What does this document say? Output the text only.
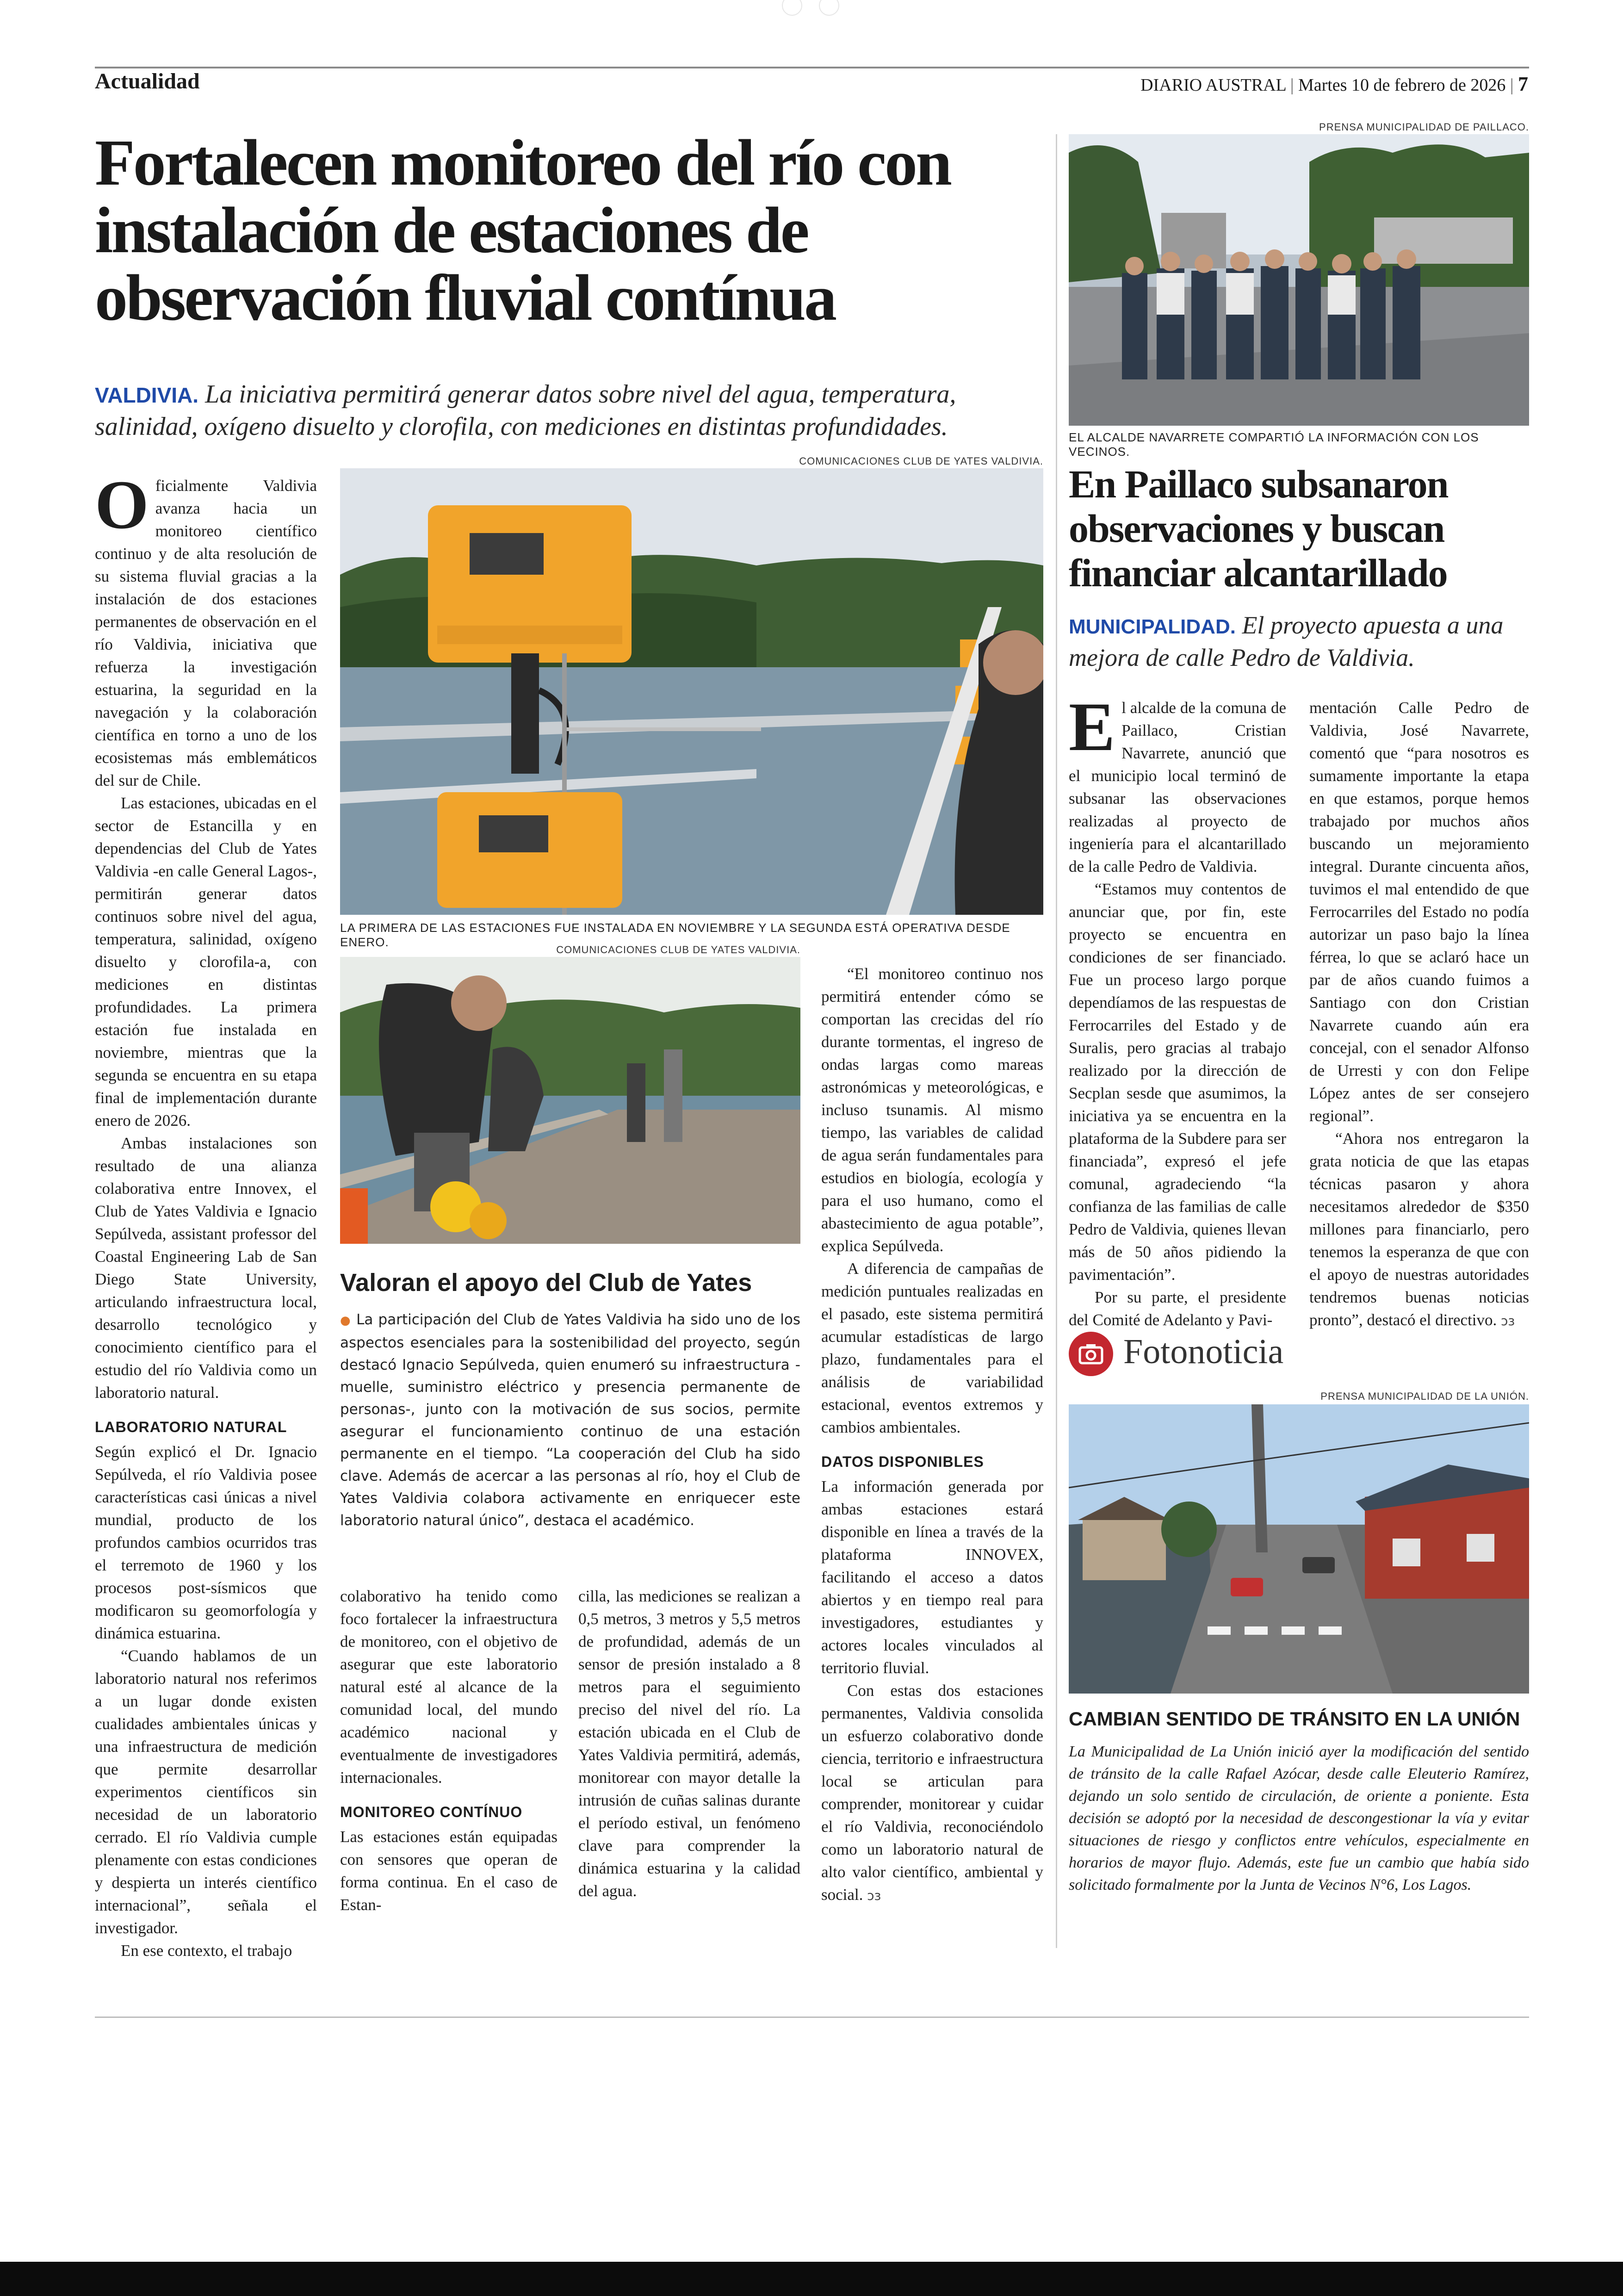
Actualidad	DIARIO AUSTRAL | Martes 10 de febrero de 2026 | 7
Fortalecen monitoreo del río con instalación de estaciones de observación fluvial contínua
VALDIVIA. La iniciativa permitirá generar datos sobre nivel del agua, temperatura, salinidad, oxígeno disuelto y clorofila, con mediciones en distintas profundidades.
COMUNICACIONES CLUB DE YATES VALDIVIA.
LA PRIMERA DE LAS ESTACIONES FUE INSTALADA EN NOVIEMBRE Y LA SEGUNDA ESTÁ OPERATIVA DESDE ENERO.
COMUNICACIONES CLUB DE YATES VALDIVIA.
Valoran el apoyo del Club de Yates
● La participación del Club de Yates Valdivia ha sido uno de los aspectos esenciales para la sostenibilidad del proyecto, según destacó Ignacio Sepúlveda, quien enumeró su infraestructura -muelle, suministro eléctrico y presencia permanente de personas-, junto con la motivación de sus socios, permite asegurar el funcionamiento continuo de una estación permanente en el tiempo. “La cooperación del Club ha sido clave. Además de acercar a las personas al río, hoy el Club de Yates Valdivia colabora activamente en enriquecer este laboratorio natural único”, destaca el académico.

Oficialmente Valdivia avanza hacia un monitoreo científico continuo y de alta resolución de su sistema fluvial gracias a la instalación de dos estaciones permanentes de observación en el río Valdivia, iniciativa que refuerza la investigación estuarina, la seguridad en la navegación y la colaboración científica en torno a uno de los ecosistemas más emblemáticos del sur de Chile.

Las estaciones, ubicadas en el sector de Estancilla y en dependencias del Club de Yates Valdivia -en calle General Lagos-, permitirán generar datos continuos sobre nivel del agua, temperatura, salinidad, oxígeno disuelto y clorofila-a, con mediciones en distintas profundidades. La primera estación fue instalada en noviembre, mientras que la segunda se encuentra en su etapa final de implementación durante enero de 2026.

Ambas instalaciones son resultado de una alianza colaborativa entre Innovex, el Club de Yates Valdivia e Ignacio Sepúlveda, assistant professor del Coastal Engineering Lab de San Diego State University, articulando infraestructura local, desarrollo tecnológico y conocimiento científico para el estudio del río Valdivia como un laboratorio natural.

LABORATORIO NATURAL

Según explicó el Dr. Ignacio Sepúlveda, el río Valdivia posee características casi únicas a nivel mundial, producto de los profundos cambios ocurridos tras el terremoto de 1960 y los procesos post-sísmicos que modificaron su geomorfología y dinámica estuarina.

“Cuando hablamos de un laboratorio natural nos referimos a un lugar donde existen cualidades ambientales únicas y una infraestructura de medición que permite desarrollar experimentos científicos sin necesidad de un laboratorio cerrado. El río Valdivia cumple plenamente con estas condiciones y despierta un interés científico internacional”, señala el investigador.

En ese contexto, el trabajo

colaborativo ha tenido como foco fortalecer la infraestructura de monitoreo, con el objetivo de asegurar que este laboratorio natural esté al alcance de la comunidad local, del mundo académico nacional y eventualmente de investigadores internacionales.

MONITOREO CONTÍNUO

Las estaciones están equipadas con sensores que operan de forma continua. En el caso de Estan-

cilla, las mediciones se realizan a 0,5 metros, 3 metros y 5,5 metros de profundidad, además de un sensor de presión instalado a 8 metros para el seguimiento preciso del nivel del río. La estación ubicada en el Club de Yates Valdivia permitirá, además, monitorear con mayor detalle la intrusión de cuñas salinas durante el período estival, un fenómeno clave para comprender la dinámica estuarina y la calidad del agua.

“El monitoreo continuo nos permitirá entender cómo se comportan las crecidas del río durante tormentas, el ingreso de ondas largas como mareas astronómicas y meteorológicas, e incluso tsunamis. Al mismo tiempo, las variables de calidad de agua serán fundamentales para estudios en biología, ecología y para el uso humano, como el abastecimiento de agua potable”, explica Sepúlveda.

A diferencia de campañas de medición puntuales realizadas en el pasado, este sistema permitirá acumular estadísticas de largo plazo, fundamentales para el análisis de variabilidad estacional, eventos extremos y cambios ambientales.

DATOS DISPONIBLES

La información generada por ambas estaciones estará disponible en línea a través de la plataforma INNOVEX, facilitando el acceso a datos abiertos y en tiempo real para investigadores, estudiantes y actores locales vinculados al territorio fluvial.

Con estas dos estaciones permanentes, Valdivia consolida un esfuerzo colaborativo donde ciencia, territorio e infraestructura local se articulan para comprender, monitorear y cuidar el río Valdivia, reconociéndolo como un laboratorio natural de alto valor científico, ambiental y social. ↄɜ

PRENSA MUNICIPALIDAD DE PAILLACO.
EL ALCALDE NAVARRETE COMPARTIÓ LA INFORMACIÓN CON LOS VECINOS.
En Paillaco subsanaron observaciones y buscan financiar alcantarillado
MUNICIPALIDAD. El proyecto apuesta a una mejora de calle Pedro de Valdivia.

El alcalde de la comuna de Paillaco, Cristian Navarrete, anunció que el municipio local terminó de subsanar las observaciones realizadas al proyecto de ingeniería para el alcantarillado de la calle Pedro de Valdivia.

“Estamos muy contentos de anunciar que, por fin, este proyecto se encuentra en condiciones de ser financiado. Fue un proceso largo porque dependíamos de las respuestas de Ferrocarriles del Estado y de Suralis, pero gracias al trabajo realizado por la dirección de Secplan sesde que asumimos, la iniciativa ya se encuentra en la plataforma de la Subdere para ser financiada”, expresó el jefe comunal, agradeciendo “la confianza de las familias de calle Pedro de Valdivia, quienes llevan más de 50 años pidiendo la pavimentación”.

Por su parte, el presidente del Comité de Adelanto y Pavi-

mentación Calle Pedro de Valdivia, José Navarrete, comentó que “para nosotros es sumamente importante la etapa en que estamos, porque hemos trabajado por muchos años buscando un mejoramiento integral. Durante cincuenta años, tuvimos el mal entendido de que Ferrocarriles del Estado no podía autorizar un paso bajo la línea férrea, lo que se aclaró hace un par de años cuando fuimos a Santiago con don Cristian Navarrete cuando aún era concejal, con el senador Alfonso de Urresti y con don Felipe López antes de ser consejero regional”.

“Ahora nos entregaron la grata noticia de que las etapas técnicas pasaron y ahora necesitamos alrededor de $350 millones para financiarlo, pero tenemos la esperanza de que con el apoyo de nuestras autoridades tendremos buenas noticias pronto”, destacó el directivo. ↄɜ

Fotonoticia
PRENSA MUNICIPALIDAD DE LA UNIÓN.
CAMBIAN SENTIDO DE TRÁNSITO EN LA UNIÓN
La Municipalidad de La Unión inició ayer la modificación del sentido de tránsito de la calle Rafael Azócar, desde calle Eleuterio Ramírez, dejando un solo sentido de circulación, de oriente a poniente. Esta decisión se adoptó por la necesidad de descongestionar la vía y evitar situaciones de riesgo y conflictos entre vehículos, especialmente en horarios de mayor flujo. Además, este fue un cambio que había sido solicitado formalmente por la Junta de Vecinos N°6, Los Lagos.
